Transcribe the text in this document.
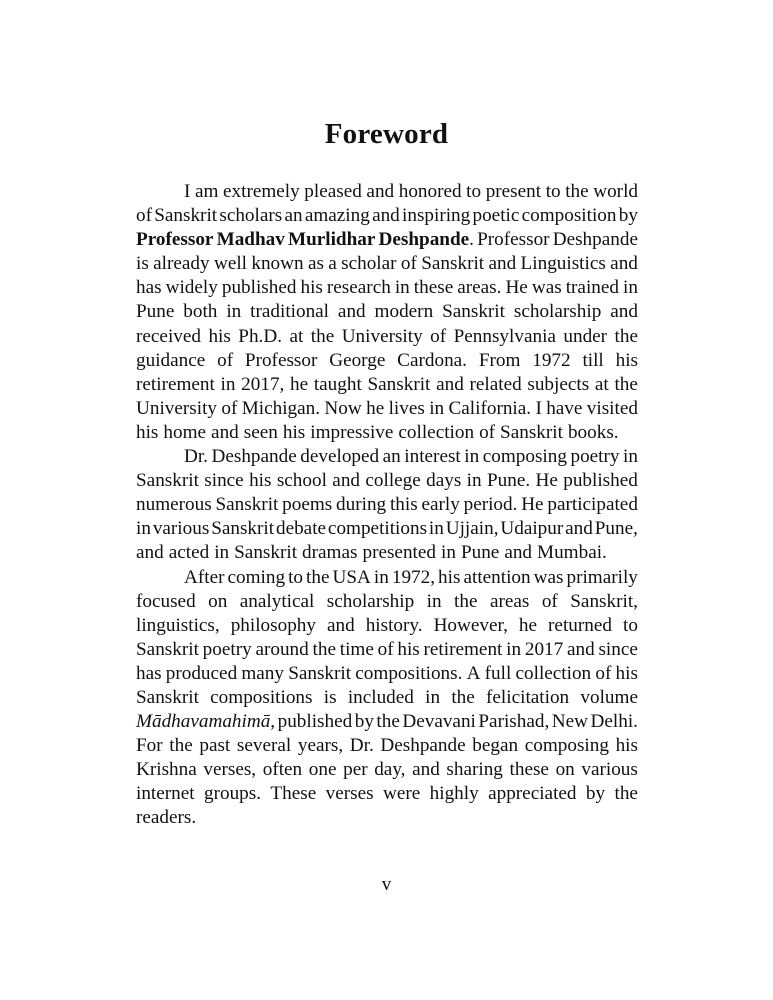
Foreword
I am extremely pleased and honored to present to the world
of Sanskrit scholars an amazing and inspiring poetic composition by
Professor Madhav Murlidhar Deshpande. Professor Deshpande
is already well known as a scholar of Sanskrit and Linguistics and
has widely published his research in these areas. He was trained in
Pune both in traditional and modern Sanskrit scholarship and
received his Ph.D. at the University of Pennsylvania under the
guidance of Professor George Cardona. From 1972 till his
retirement in 2017, he taught Sanskrit and related subjects at the
University of Michigan. Now he lives in California. I have visited
his home and seen his impressive collection of Sanskrit books.
Dr. Deshpande developed an interest in composing poetry in
Sanskrit since his school and college days in Pune. He published
numerous Sanskrit poems during this early period. He participated
in various Sanskrit debate competitions in Ujjain, Udaipur and Pune,
and acted in Sanskrit dramas presented in Pune and Mumbai.
After coming to the USA in 1972, his attention was primarily
focused on analytical scholarship in the areas of Sanskrit,
linguistics, philosophy and history. However, he returned to
Sanskrit poetry around the time of his retirement in 2017 and since
has produced many Sanskrit compositions. A full collection of his
Sanskrit compositions is included in the felicitation volume
Mādhavamahimā, published by the Devavani Parishad, New Delhi.
For the past several years, Dr. Deshpande began composing his
Krishna verses, often one per day, and sharing these on various
internet groups. These verses were highly appreciated by the
readers.
v
